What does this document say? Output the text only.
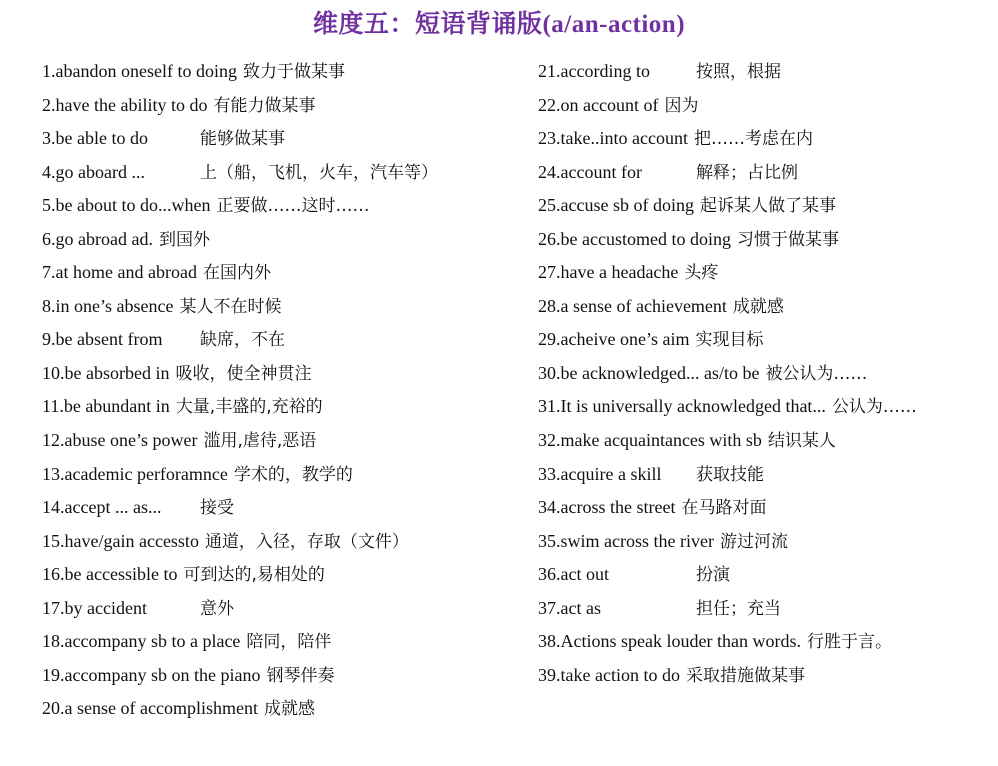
维度五：短语背诵版(a/an-action)
1.abandon oneself to doing 致力于做某事
2.have the ability to do 有能力做某事
3.be able to do	能够做某事
4.go aboard ...	上（船，飞机，火车，汽车等）
5.be about to do...when 正要做……这时……
6.go abroad ad. 到国外
7.at home and abroad 在国内外
8.in one’s absence 某人不在时候
9.be absent from 缺席，不在
10.be absorbed in 吸收，使全神贯注
11.be abundant in 大量,丰盛的,充裕的
12.abuse one’s power 滥用,虐待,恶语
13.academic perforamnce 学术的，教学的
14.accept ... as... 接受
15.have/gain accessto 通道，入径，存取（文件）
16.be accessible to 可到达的,易相处的
17.by accident	意外
18.accompany sb to a place 陪同，陪伴
19.accompany sb on the piano 钢琴伴奏
20.a sense of accomplishment 成就感
21.according to	按照，根据
22.on account of 因为
23.take..into account 把……考虑在内
24.account for	解释；占比例
25.accuse sb of doing 起诉某人做了某事
26.be accustomed to doing 习惯于做某事
27.have a headache 头疼
28.a sense of achievement 成就感
29.acheive one’s aim 实现目标
30.be acknowledged... as/to be 被公认为……
31.It is universally acknowledged that... 公认为……
32.make acquaintances with sb 结识某人
33.acquire a skill 获取技能
34.across the street 在马路对面
35.swim across the river 游过河流
36.act out	扮演
37.act as	担任；充当
38.Actions speak louder than words. 行胜于言。
39.take action to do 采取措施做某事
